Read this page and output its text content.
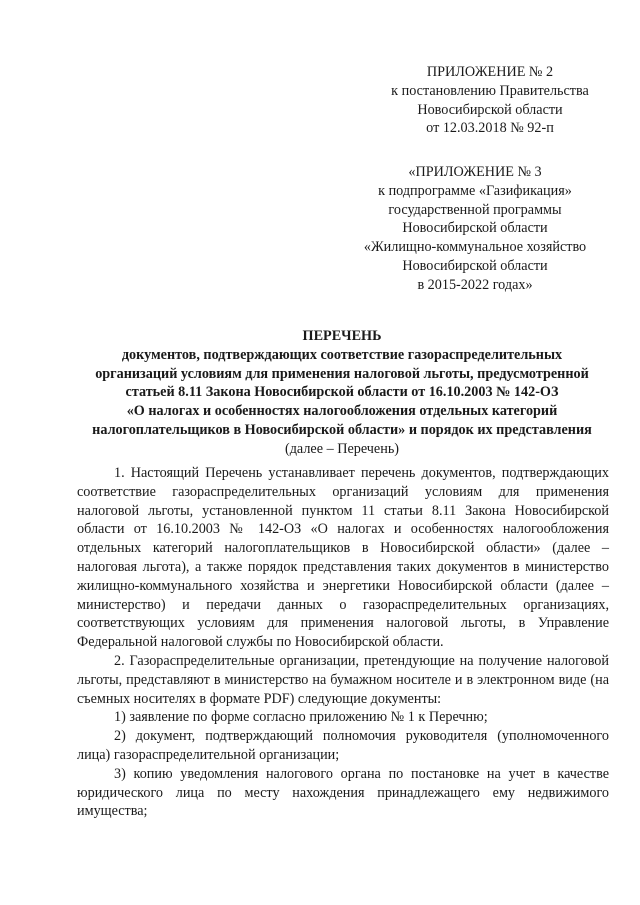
ПРИЛОЖЕНИЕ № 2
к постановлению Правительства
Новосибирской области
от 12.03.2018 № 92-п
«ПРИЛОЖЕНИЕ № 3
к подпрограмме «Газификация»
государственной программы
Новосибирской области
«Жилищно-коммунальное хозяйство
Новосибирской области
в 2015-2022 годах»
ПЕРЕЧЕНЬ
документов, подтверждающих соответствие газораспределительных
организаций условиям для применения налоговой льготы, предусмотренной
статьей 8.11 Закона Новосибирской области от 16.10.2003 № 142-ОЗ
«О налогах и особенностях налогообложения отдельных категорий
налогоплательщиков в Новосибирской области» и порядок их представления
(далее – Перечень)

1. Настоящий Перечень устанавливает перечень документов, подтверждающих соответствие газораспределительных организаций условиям для применения налоговой льготы, установленной пунктом 11 статьи 8.11 Закона Новосибирской области от 16.10.2003 № 142-ОЗ «О налогах и особенностях налогообложения отдельных категорий налогоплательщиков в Новосибирской области» (далее – налоговая льгота), а также порядок представления таких документов в министерство жилищно-коммунального хозяйства и энергетики Новосибирской области (далее – министерство) и передачи данных о газораспределительных организациях, соответствующих условиям для применения налоговой льготы, в Управление Федеральной налоговой службы по Новосибирской области.

2. Газораспределительные организации, претендующие на получение налоговой льготы, представляют в министерство на бумажном носителе и в электронном виде (на съемных носителях в формате PDF) следующие документы:

1) заявление по форме согласно приложению № 1 к Перечню;

2) документ, подтверждающий полномочия руководителя (уполномоченного лица) газораспределительной организации;

3) копию уведомления налогового органа по постановке на учет в качестве юридического лица по месту нахождения принадлежащего ему недвижимого имущества;
